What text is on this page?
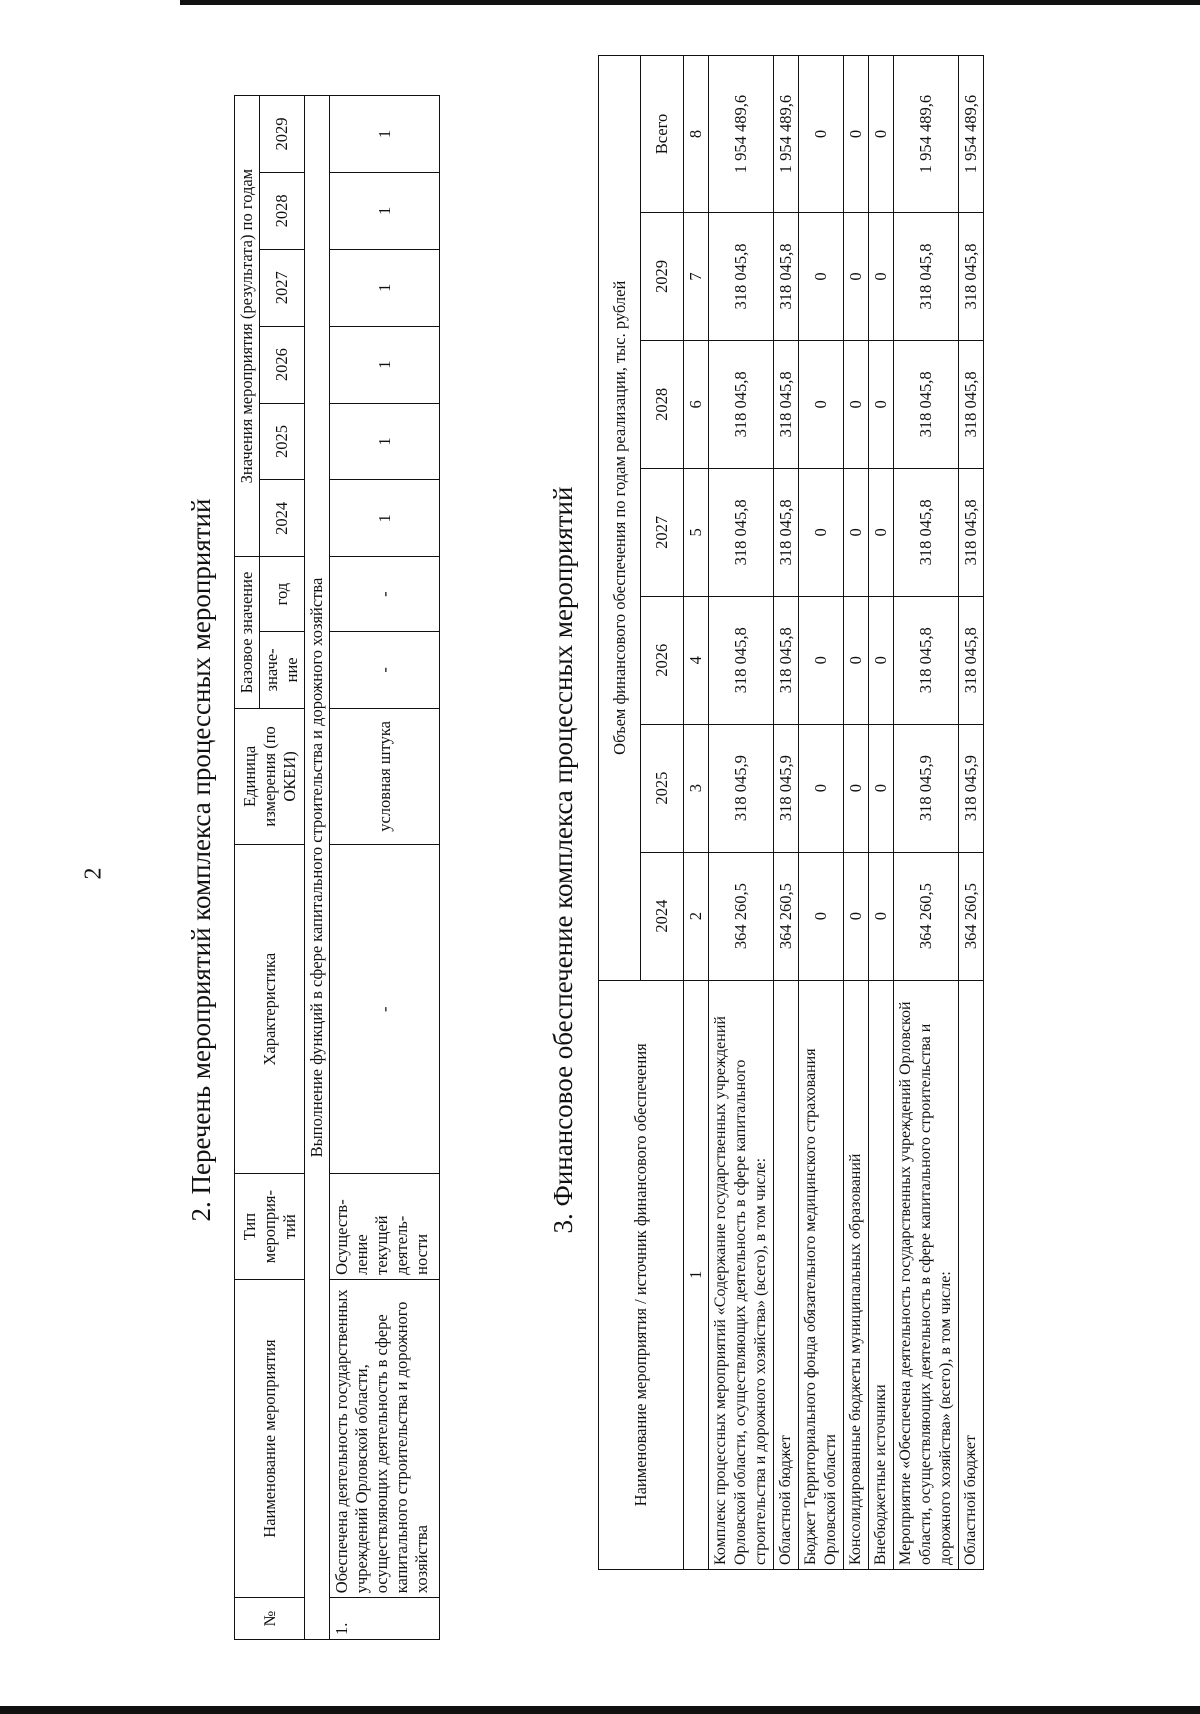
2	2. Перечень мероприятий комплекса процессных мероприятий
№	Наименование мероприятия	Тип мероприя-тий	Характеристика	Единица измерения (по ОКЕИ)	Базовое значение		Значения мероприятия (результата) по годам					
					значе-ние	год	2024	2025	2026	2027	2028	2029

Выполнение функций в сфере капитального строительства и дорожного хозяйства												
1.	Обеспечена деятельность государственных учреждений Орловской области, осуществляющих деятельность в сфере капитального строительства и дорожного хозяйства	Осуществ-ление текущей деятель-ности	-	условная штука	-	-	1	1	1	1	1	1
3. Финансовое обеспечение комплекса процессных мероприятий
Наименование мероприятия / источник финансового обеспечения	Объем финансового обеспечения по годам реализации, тыс. рублей						
	2024	2025	2026	2027	2028	2029	Всего
1	2	3	4	5	6	7	8
Комплекс процессных мероприятий «Содержание государственных учреждений Орловской области, осуществляющих деятельность в сфере капитального строительства и дорожного хозяйства» (всего), в том числе:	364 260,5	318 045,9	318 045,8	318 045,8	318 045,8	318 045,8	1 954 489,6
Областной бюджет	364 260,5	318 045,9	318 045,8	318 045,8	318 045,8	318 045,8	1 954 489,6
Бюджет Территориального фонда обязательного медицинского страхования Орловской области	0	0	0	0	0	0	0
Консолидированные бюджеты муниципальных образований	0	0	0	0	0	0	0
Внебюджетные источники	0	0	0	0	0	0	0
Мероприятие «Обеспечена деятельность государственных учреждений Орловской области, осуществляющих деятельность в сфере капитального строительства и дорожного хозяйства» (всего), в том числе:	364 260,5	318 045,9	318 045,8	318 045,8	318 045,8	318 045,8	1 954 489,6
Областной бюджет	364 260,5	318 045,9	318 045,8	318 045,8	318 045,8	318 045,8	1 954 489,6
